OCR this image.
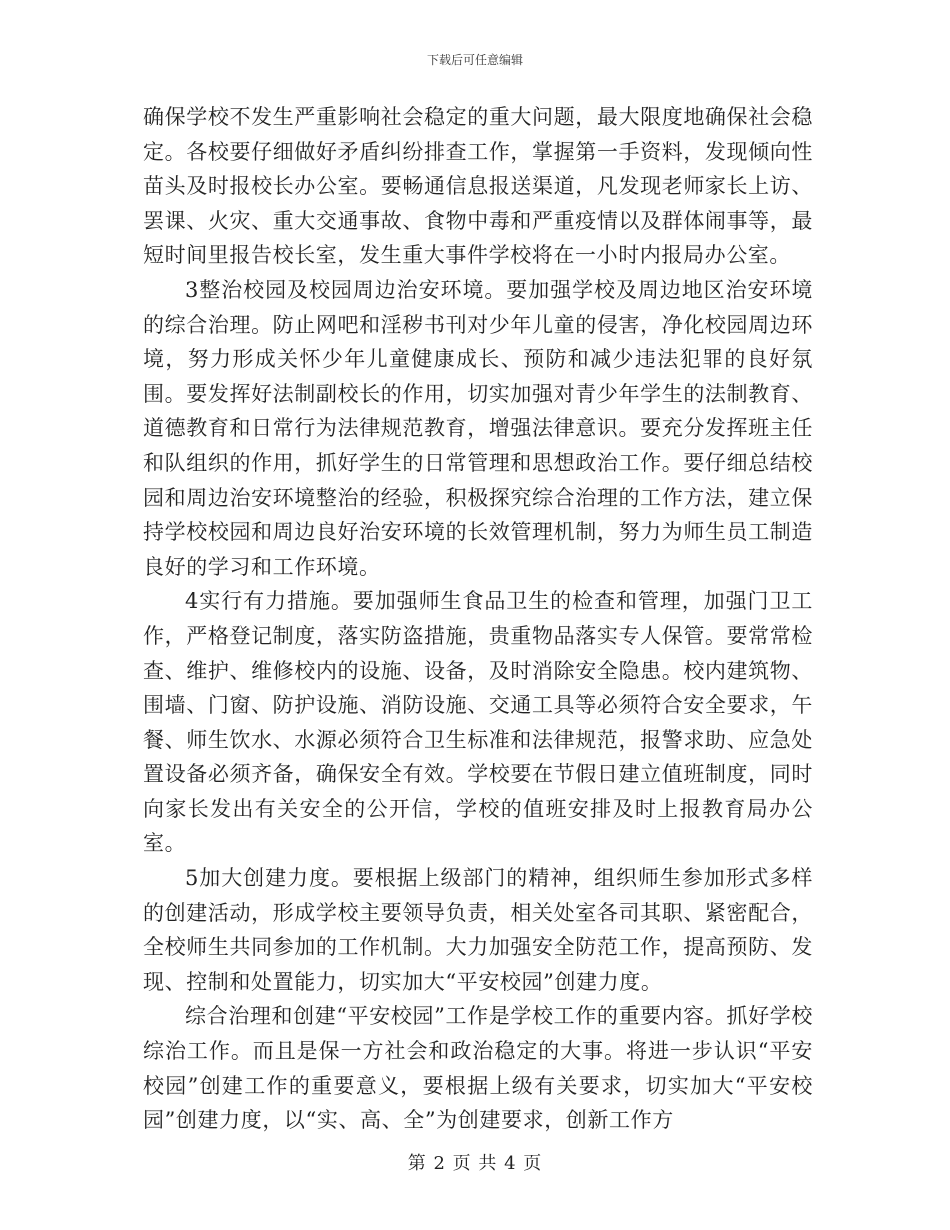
下载后可任意编辑

确保学校不发生严重影响社会稳定的重大问题，最大限度地确保社会稳定。各校要仔细做好矛盾纠纷排查工作，掌握第一手资料，发现倾向性苗头及时报校长办公室。要畅通信息报送渠道，凡发现老师家长上访、罢课、火灾、重大交通事故、食物中毒和严重疫情以及群体闹事等，最短时间里报告校长室，发生重大事件学校将在一小时内报局办公室。

3整治校园及校园周边治安环境。要加强学校及周边地区治安环境的综合治理。防止网吧和淫秽书刊对少年儿童的侵害，净化校园周边环境，努力形成关怀少年儿童健康成长、预防和减少违法犯罪的良好氛围。要发挥好法制副校长的作用，切实加强对青少年学生的法制教育、道德教育和日常行为法律规范教育，增强法律意识。要充分发挥班主任和队组织的作用，抓好学生的日常管理和思想政治工作。要仔细总结校园和周边治安环境整治的经验，积极探究综合治理的工作方法，建立保持学校校园和周边良好治安环境的长效管理机制，努力为师生员工制造良好的学习和工作环境。

4实行有力措施。要加强师生食品卫生的检查和管理，加强门卫工作，严格登记制度，落实防盗措施，贵重物品落实专人保管。要常常检查、维护、维修校内的设施、设备，及时消除安全隐患。校内建筑物、围墙、门窗、防护设施、消防设施、交通工具等必须符合安全要求，午餐、师生饮水、水源必须符合卫生标准和法律规范，报警求助、应急处置设备必须齐备，确保安全有效。学校要在节假日建立值班制度，同时向家长发出有关安全的公开信，学校的值班安排及时上报教育局办公室。

5加大创建力度。要根据上级部门的精神，组织师生参加形式多样的创建活动，形成学校主要领导负责，相关处室各司其职、紧密配合，全校师生共同参加的工作机制。大力加强安全防范工作，提高预防、发现、控制和处置能力，切实加大“平安校园”创建力度。

综合治理和创建“平安校园”工作是学校工作的重要内容。抓好学校综治工作。而且是保一方社会和政治稳定的大事。将进一步认识“平安校园”创建工作的重要意义，要根据上级有关要求，切实加大“平安校园”创建力度，以“实、高、全”为创建要求，创新工作方

第 2 页 共 4 页
